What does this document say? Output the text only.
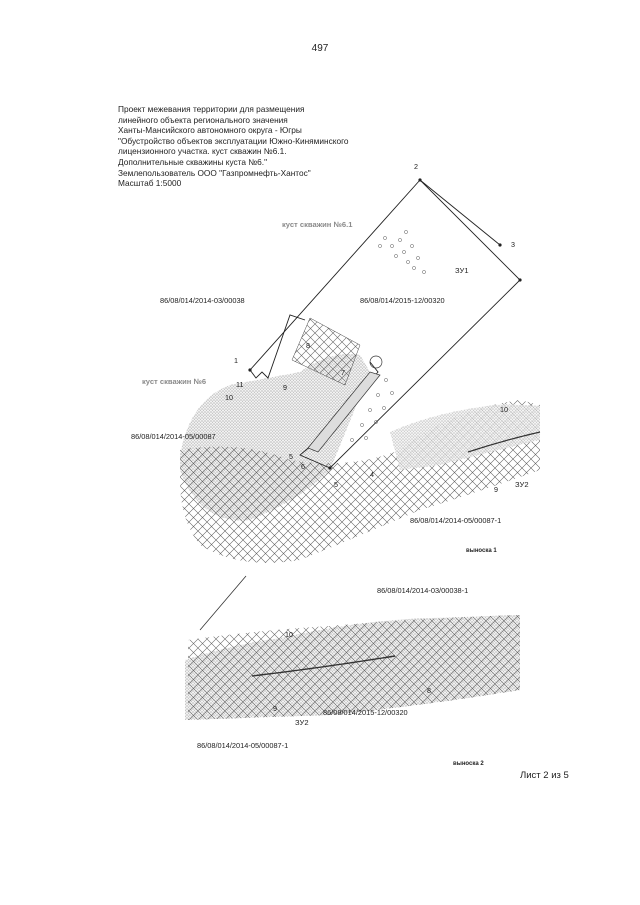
497
Проект межевания территории для размещения
линейного объекта регионального значения
Ханты-Мансийского автономного округа - Югры
"Обустройство объектов эксплуатации Южно-Киняминского
лицензионного участка. куст скважин №6.1.
Дополнительные скважины куста №6."
Землепользователь ООО "Газпромнефть-Хантос"
Масштаб 1:5000
куст скважин №6.1
куст скважин №6
ЗУ1
ЗУ2
86/08/014/2014-03/00038	86/08/014/2015-12/00320
86/08/014/2014-05/00087
86/08/014/2014-05/00087-1
выноска 1
2
3
1
11
10
9
8
7
4
5
5
6
10
9
86/08/014/2014-03/00038-1
10
8
9	86/08/014/2015-12/00320
ЗУ2
86/08/014/2014-05/00087-1
выноска 2
Лист 2 из 5
